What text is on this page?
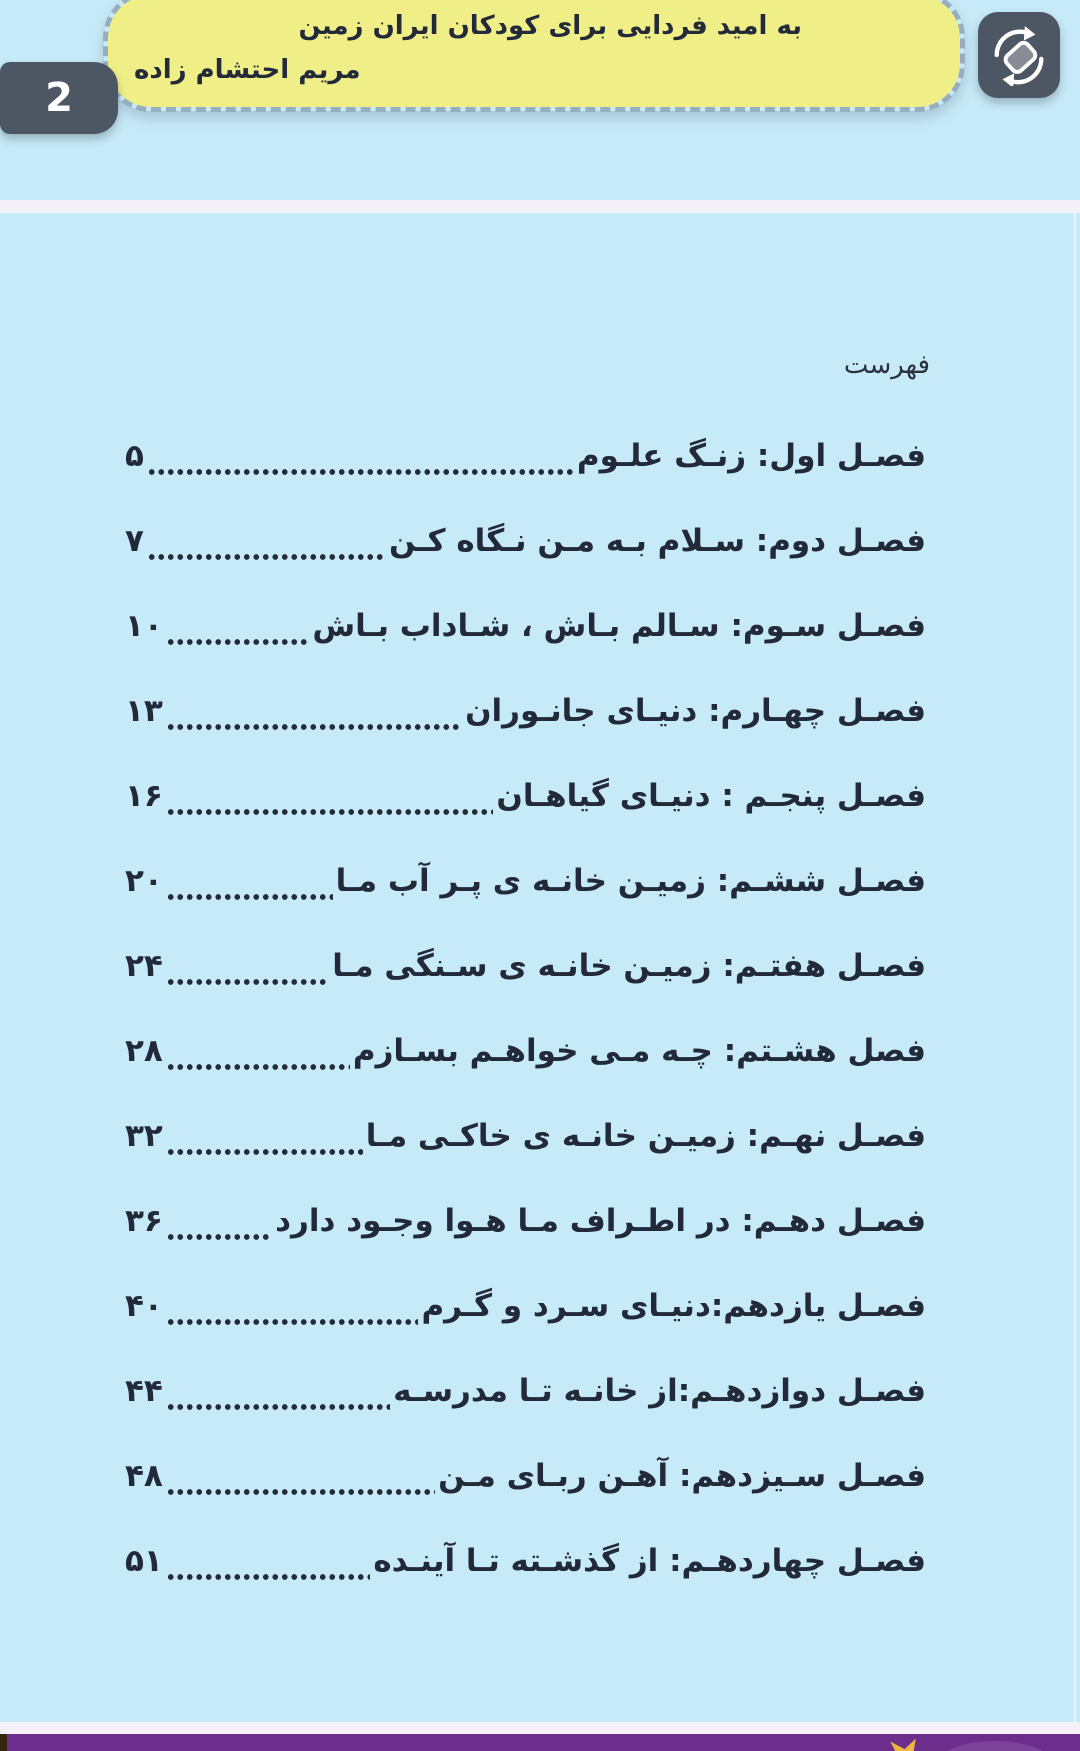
به امید فردایی برای کودکان ایران زمین
مریم احتشام زاده
2
فهرست
فصـل اول: زنـگ علـوم
۵
فصـل دوم: سـلام بـه مـن نـگاه کـن
۷
فصـل سـوم: سـالم بـاش ، شـاداب بـاش
۱۰
فصـل چهـارم: دنیـای جانـوران
۱۳
فصـل پنجـم : دنیـای گیاهـان
۱۶
فصـل ششـم: زمیـن خانـه ی پـر آب مـا
۲۰
فصـل هفتـم: زمیـن خانـه ی سـنگی مـا
۲۴
فصل هشـتم: چـه مـی خواهـم بسـازم
۲۸
فصـل نهـم: زمیـن خانـه ی خاکـی مـا
۳۲
فصـل دهـم: در اطـراف مـا هـوا وجـود دارد
۳۶
فصـل یازدهم:دنیـای سـرد و گـرم
۴۰
فصـل دوازدهـم:از خانـه تـا مدرسـه
۴۴
فصـل سـیزدهم: آهـن ربـای مـن
۴۸
فصـل چهاردهـم: از گذشـته تـا آینـده
۵۱
